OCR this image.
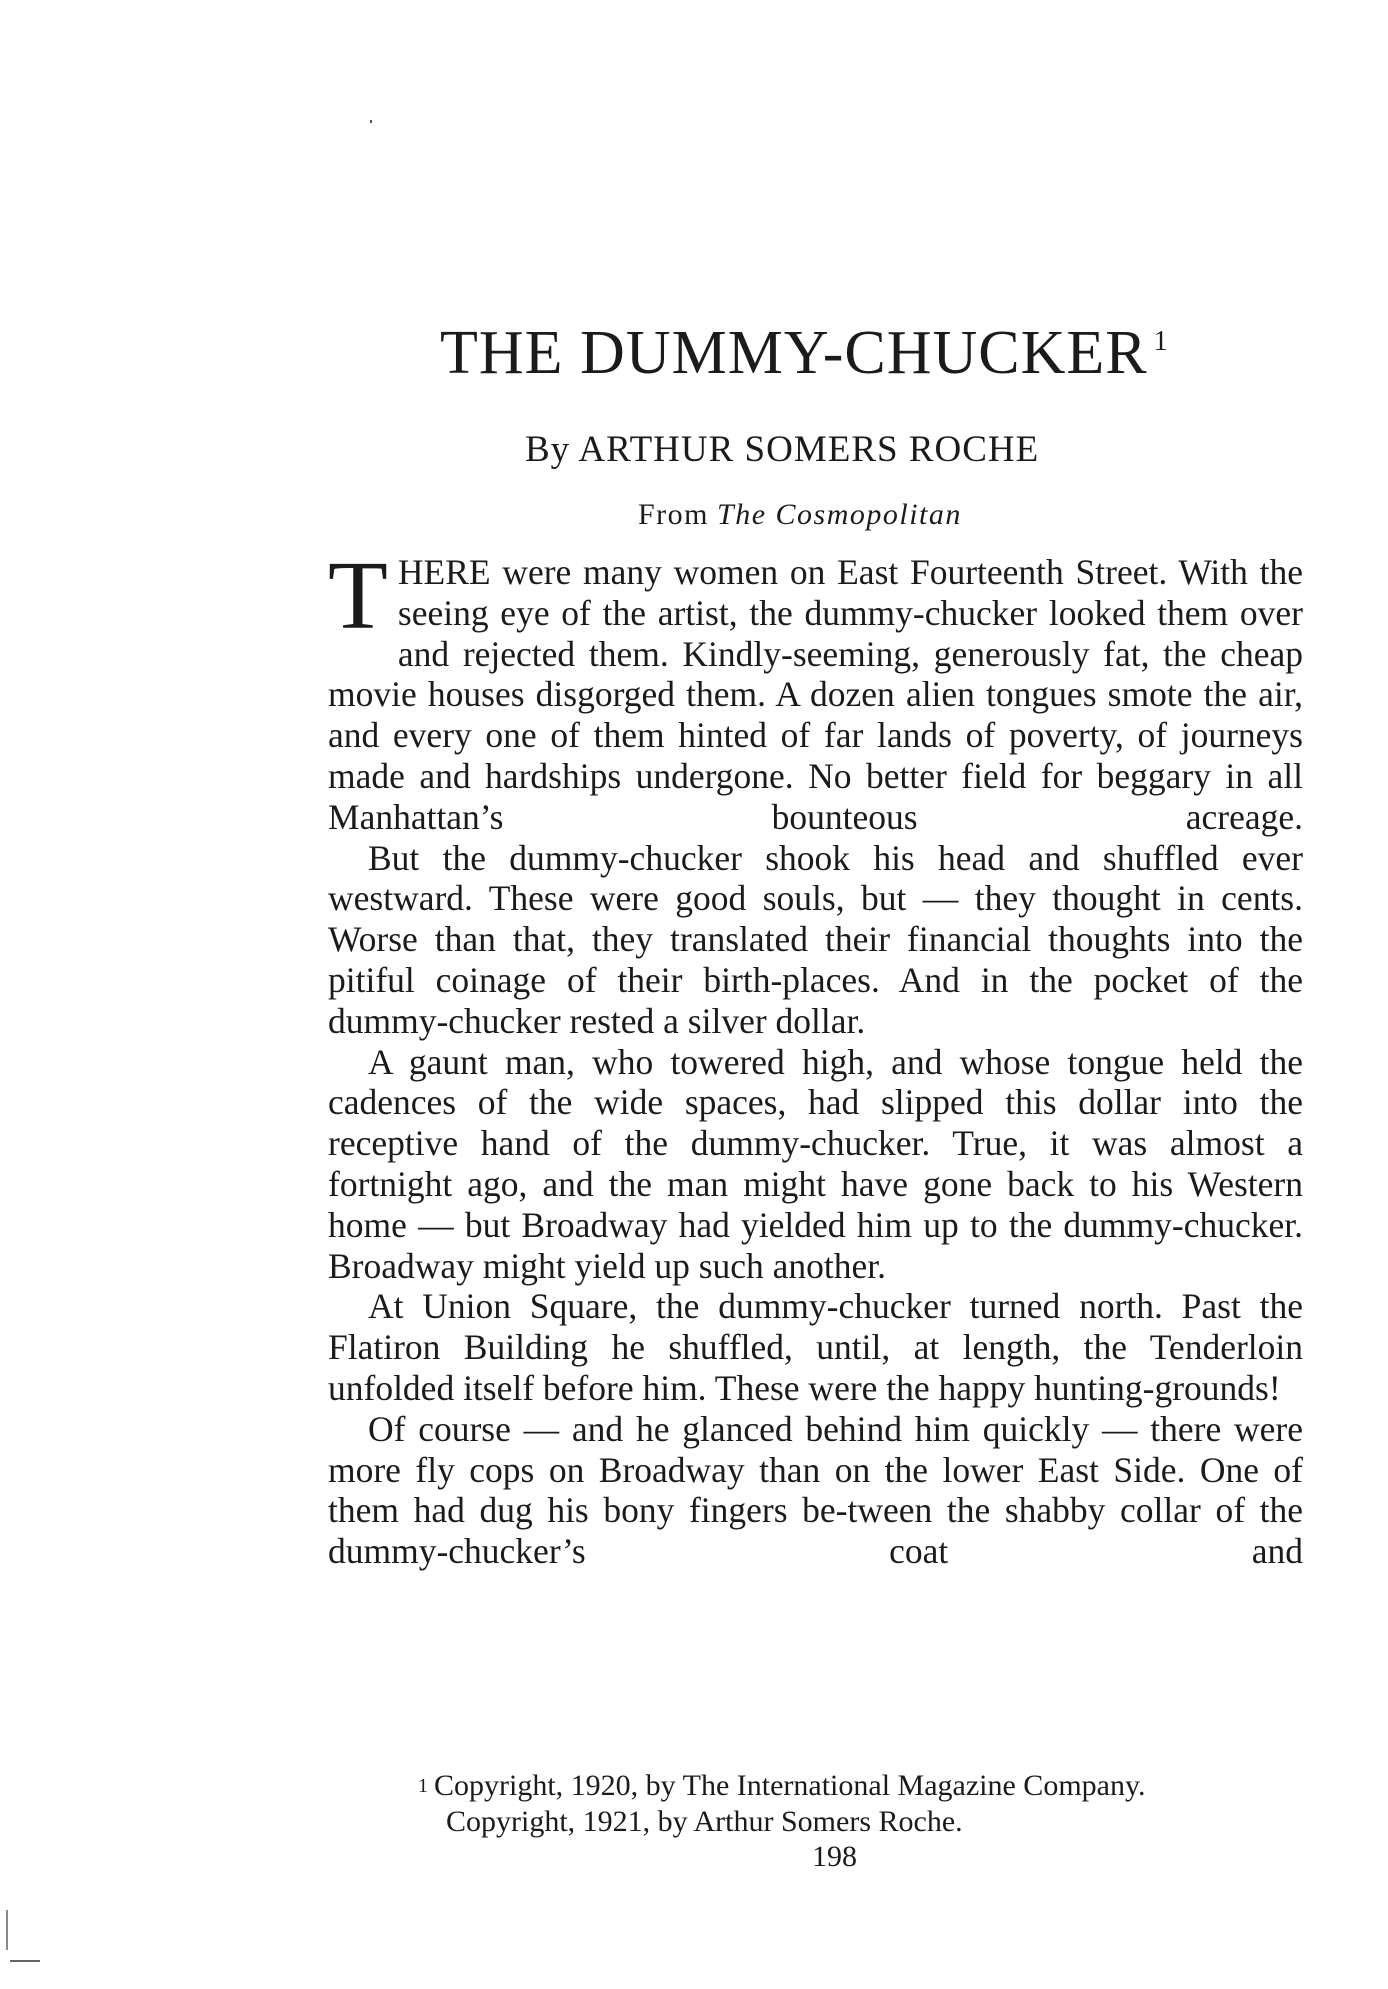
THE DUMMY-CHUCKER $^1$
By ARTHUR SOMERS ROCHE
From The Cosmopolitan

THERE were many women on East Fourteenth Street. With the seeing eye of the artist, the dummy-chucker looked them over and rejected them. Kindly-seeming, generously fat, the cheap movie houses disgorged them. A dozen alien tongues smote the air, and every one of them hinted of far lands of poverty, of journeys made and hardships undergone. No better field for beggary in all Manhattan’s bounteous acreage.

But the dummy-chucker shook his head and shuffled ever westward. These were good souls, but — they thought in cents. Worse than that, they translated their financial thoughts into the pitiful coinage of their birth-places. And in the pocket of the dummy-chucker rested a silver dollar.

A gaunt man, who towered high, and whose tongue held the cadences of the wide spaces, had slipped this dollar into the receptive hand of the dummy-chucker. True, it was almost a fortnight ago, and the man might have gone back to his Western home — but Broadway had yielded him up to the dummy-chucker. Broadway might yield up such another.

At Union Square, the dummy-chucker turned north. Past the Flatiron Building he shuffled, until, at length, the Tenderloin unfolded itself before him. These were the happy hunting-grounds!

Of course — and he glanced behind him quickly — there were more fly cops on Broadway than on the lower East Side. One of them had dug his bony fingers be-tween the shabby collar of the dummy-chucker’s coat and

$^1$ Copyright, 1920, by The International Magazine Company.
Copyright, 1921, by Arthur Somers Roche.
198
